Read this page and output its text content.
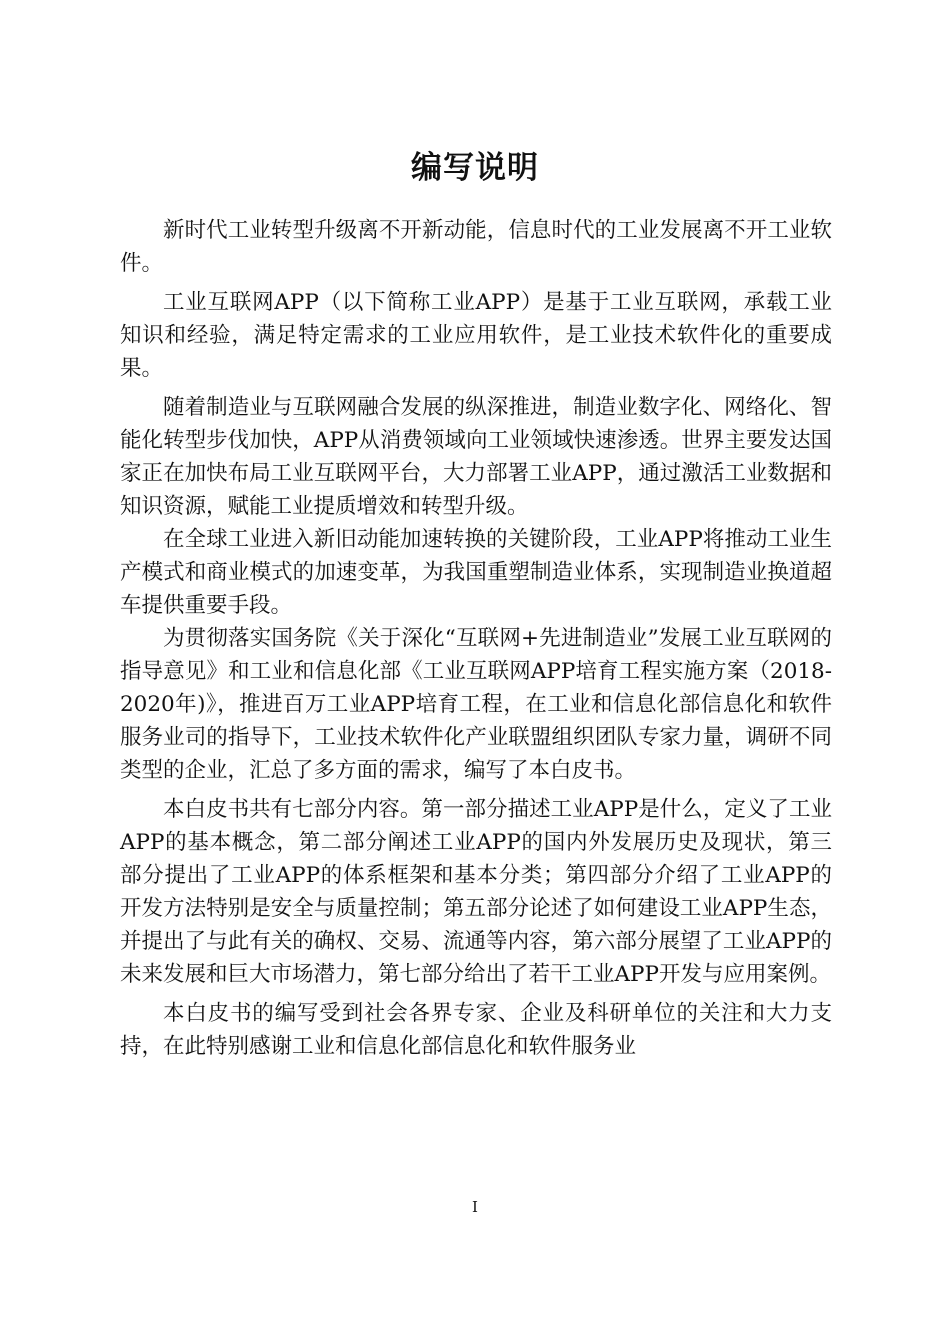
编写说明

新时代工业转型升级离不开新动能，信息时代的工业发展离不开工业软件。

工业互联网APP（以下简称工业APP）是基于工业互联网，承载工业知识和经验，满足特定需求的工业应用软件，是工业技术软件化的重要成果。

随着制造业与互联网融合发展的纵深推进，制造业数字化、网络化、智能化转型步伐加快，APP从消费领域向工业领域快速渗透。世界主要发达国家正在加快布局工业互联网平台，大力部署工业APP，通过激活工业数据和知识资源，赋能工业提质增效和转型升级。

在全球工业进入新旧动能加速转换的关键阶段，工业APP将推动工业生产模式和商业模式的加速变革，为我国重塑制造业体系，实现制造业换道超车提供重要手段。

为贯彻落实国务院《关于深化“互联网+先进制造业”发展工业互联网的指导意见》和工业和信息化部《工业互联网APP培育工程实施方案（2018-2020年)》，推进百万工业APP培育工程，在工业和信息化部信息化和软件服务业司的指导下，工业技术软件化产业联盟组织团队专家力量，调研不同类型的企业，汇总了多方面的需求，编写了本白皮书。

本白皮书共有七部分内容。第一部分描述工业APP是什么，定义了工业APP的基本概念，第二部分阐述工业APP的国内外发展历史及现状，第三部分提出了工业APP的体系框架和基本分类；第四部分介绍了工业APP的开发方法特别是安全与质量控制；第五部分论述了如何建设工业APP生态，并提出了与此有关的确权、交易、流通等内容，第六部分展望了工业APP的未来发展和巨大市场潜力，第七部分给出了若干工业APP开发与应用案例。

本白皮书的编写受到社会各界专家、企业及科研单位的关注和大力支持，在此特别感谢工业和信息化部信息化和软件服务业

I
